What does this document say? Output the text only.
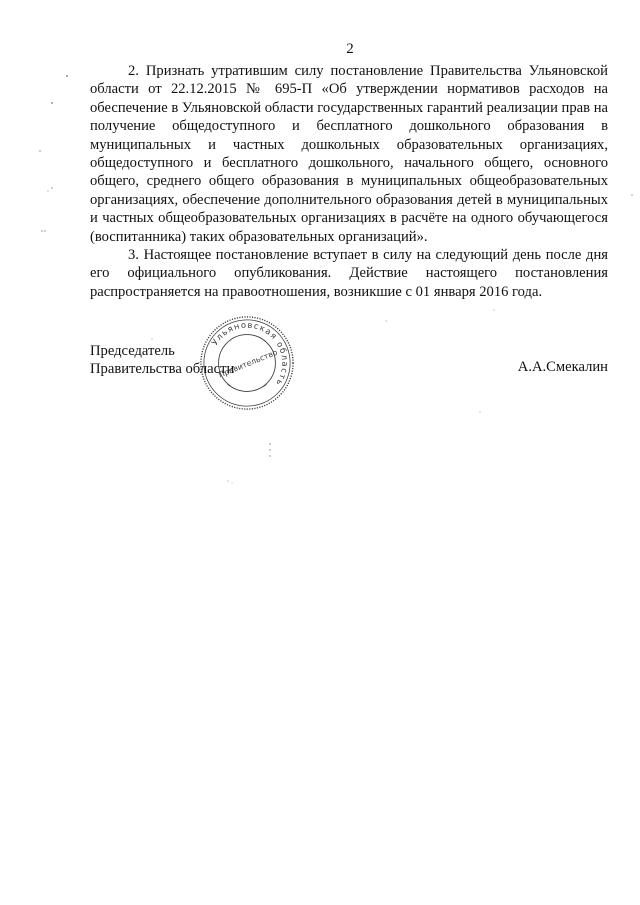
2

2. Признать утратившим силу постановление Правительства Ульяновской области от 22.12.2015 № 695-П «Об утверждении нормативов расходов на обеспечение в Ульяновской области государственных гарантий реализации прав на получение общедоступного и бесплатного дошкольного образования в муниципальных и частных дошкольных образовательных организациях, общедоступного и бесплатного дошкольного, начального общего, основного общего, среднего общего образования в муниципальных общеобразовательных организациях, обеспечение дополнительного образования детей в муниципальных и частных общеобразовательных организациях в расчёте на одного обучающегося (воспитанника) таких образовательных организаций».

3. Настоящее постановление вступает в силу на следующий день после дня его официального опубликования. Действие настоящего постановления распространяется на правоотношения, возникшие с 01 января 2016 года.

Председатель
Правительства области	А.А.Смекалин
Ульяновская область
Правительство
